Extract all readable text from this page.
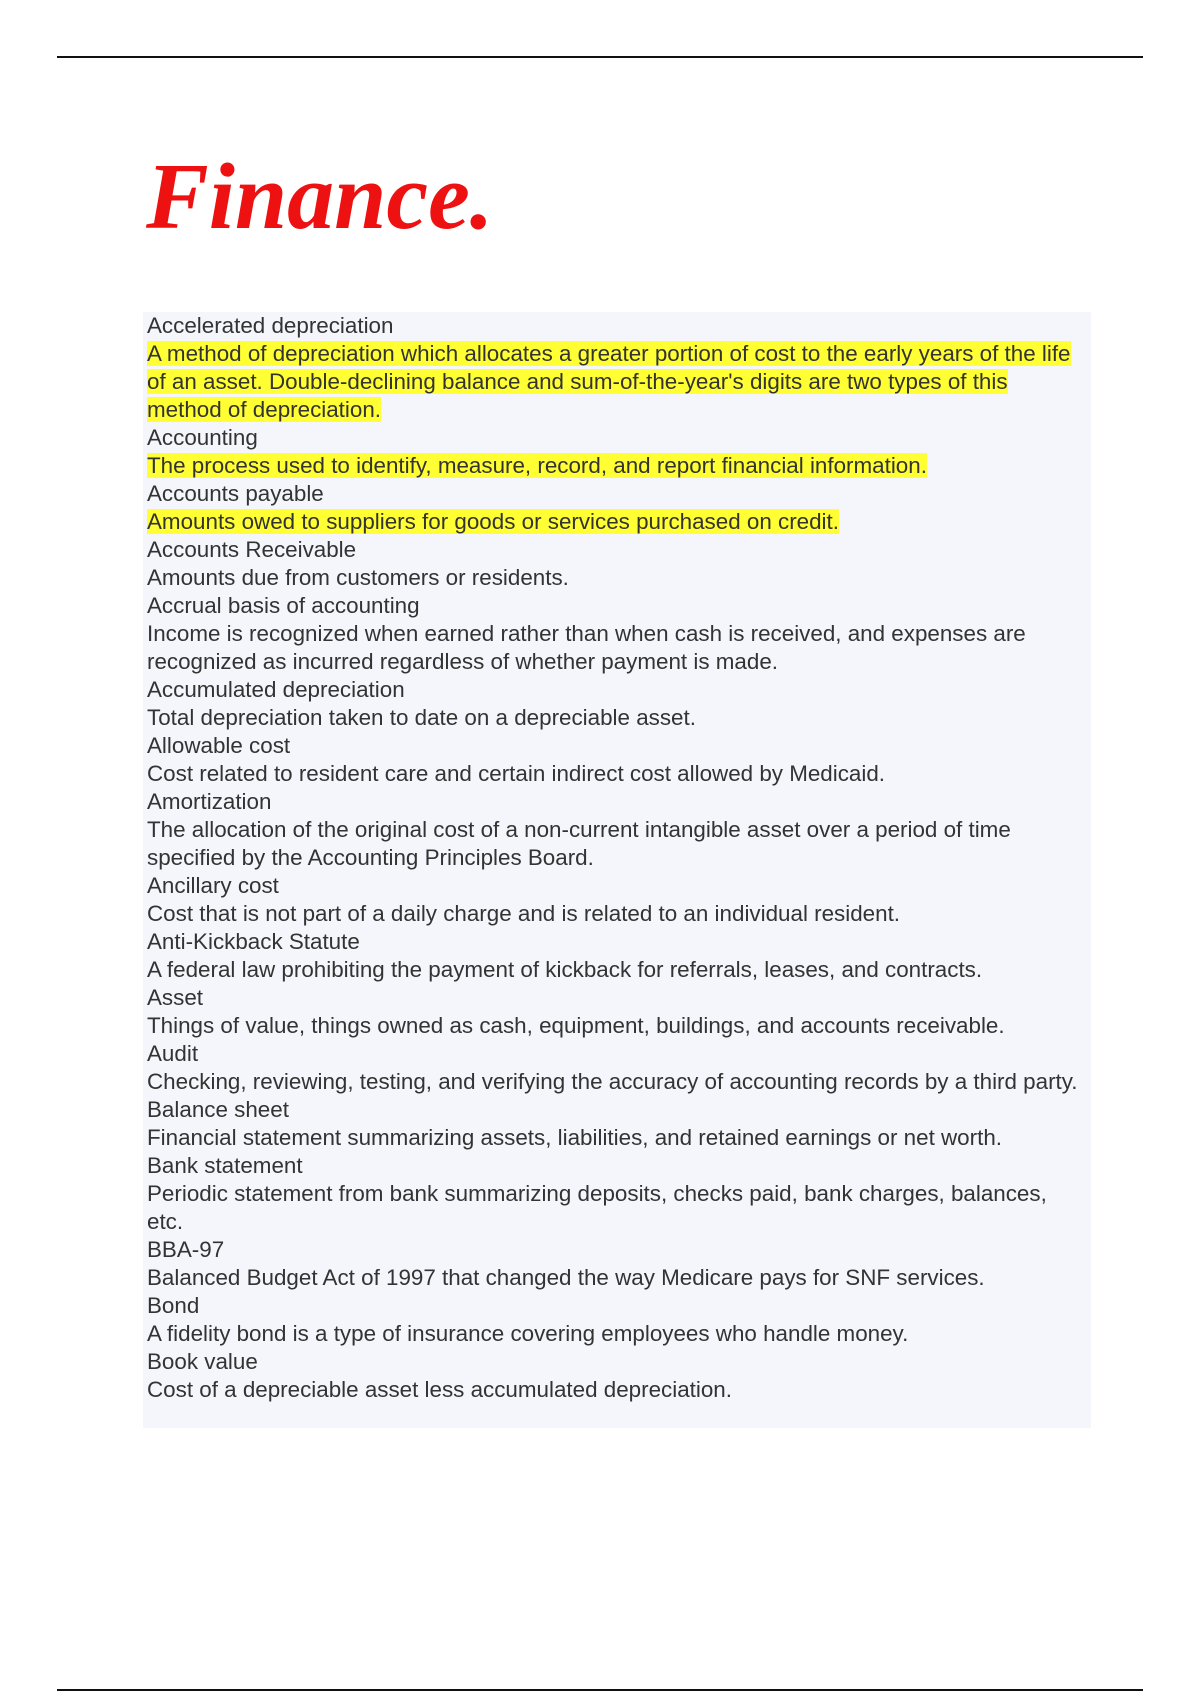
Finance.

Accelerated depreciation

A method of depreciation which allocates a greater portion of cost to the early years of the life of an asset. Double-declining balance and sum-of-the-year's digits are two types of this method of depreciation.

Accounting

The process used to identify, measure, record, and report financial information.

Accounts payable

Amounts owed to suppliers for goods or services purchased on credit.

Accounts Receivable

Amounts due from customers or residents.

Accrual basis of accounting

Income is recognized when earned rather than when cash is received, and expenses are recognized as incurred regardless of whether payment is made.

Accumulated depreciation

Total depreciation taken to date on a depreciable asset.

Allowable cost

Cost related to resident care and certain indirect cost allowed by Medicaid.

Amortization

The allocation of the original cost of a non-current intangible asset over a period of time specified by the Accounting Principles Board.

Ancillary cost

Cost that is not part of a daily charge and is related to an individual resident.

Anti-Kickback Statute

A federal law prohibiting the payment of kickback for referrals, leases, and contracts.

Asset

Things of value, things owned as cash, equipment, buildings, and accounts receivable.

Audit

Checking, reviewing, testing, and verifying the accuracy of accounting records by a third party.

Balance sheet

Financial statement summarizing assets, liabilities, and retained earnings or net worth.

Bank statement

Periodic statement from bank summarizing deposits, checks paid, bank charges, balances, etc.

BBA-97

Balanced Budget Act of 1997 that changed the way Medicare pays for SNF services.

Bond

A fidelity bond is a type of insurance covering employees who handle money.

Book value

Cost of a depreciable asset less accumulated depreciation.
